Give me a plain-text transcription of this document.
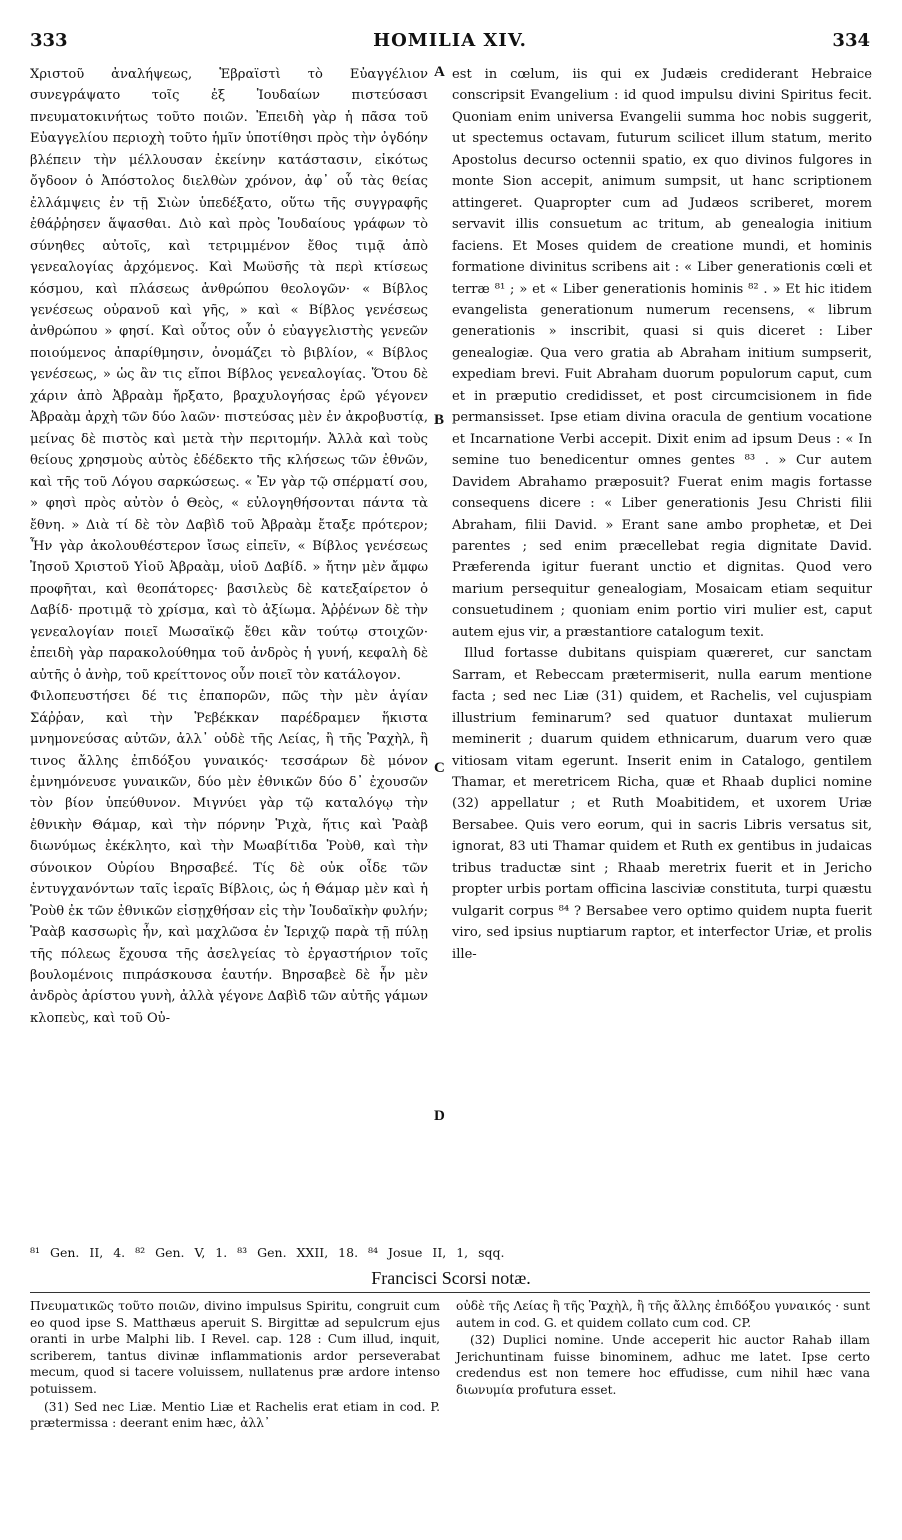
333	HOMILIA XIV.	334

Χριστοῦ ἀναλήψεως, Ἑβραϊστὶ τὸ Εὐαγγέλιον συνεγράψατο τοῖς ἐξ Ἰουδαίων πιστεύσασι πνευματοκινήτως τοῦτο ποιῶν. Ἐπειδὴ γὰρ ἡ πᾶσα τοῦ Εὐαγγελίου περιοχὴ τοῦτο ἡμῖν ὑποτίθησι πρὸς τὴν ὀγδόην βλέπειν τὴν μέλλουσαν ἐκείνην κατάστασιν, εἰκότως ὄγδοον ὁ Ἀπόστολος διελθὼν χρόνον, ἀφ᾽ οὗ τὰς θείας ἐλλάμψεις ἐν τῇ Σιὼν ὑπεδέξατο, οὕτω τῆς συγγραφῆς ἐθάῤῥησεν ἅψασθαι. Διὸ καὶ πρὸς Ἰουδαίους γράφων τὸ σύνηθες αὐτοῖς, καὶ τετριμμένον ἔθος τιμᾷ ἀπὸ γενεαλογίας ἀρχόμενος. Καὶ Μωϋσῆς τὰ περὶ κτίσεως κόσμου, καὶ πλάσεως ἀνθρώπου θεολογῶν· « Βίβλος γενέσεως οὐρανοῦ καὶ γῆς, » καὶ « Βίβλος γενέσεως ἀνθρώπου » φησί. Καὶ οὗτος οὖν ὁ εὐαγγελιστὴς γενεῶν ποιούμενος ἀπαρίθμησιν, ὀνομάζει τὸ βιβλίον, « Βίβλος γενέσεως, » ὡς ἂν τις εἴποι Βίβλος γενεαλογίας. Ὅτου δὲ χάριν ἀπὸ Ἀβραὰμ ἤρξατο, βραχυλογήσας ἐρῶ γέγονεν Ἀβραὰμ ἀρχὴ τῶν δύο λαῶν· πιστεύσας μὲν ἐν ἀκροβυστίᾳ, μείνας δὲ πιστὸς καὶ μετὰ τὴν περιτομήν. Ἀλλὰ καὶ τοὺς θείους χρησμοὺς αὐτὸς ἐδέδεκτο τῆς κλήσεως τῶν ἐθνῶν, καὶ τῆς τοῦ Λόγου σαρκώσεως. « Ἐν γὰρ τῷ σπέρματί σου, » φησὶ πρὸς αὐτὸν ὁ Θεὸς, « εὐλογηθήσονται πάντα τὰ ἔθνη. » Διὰ τί δὲ τὸν Δαβὶδ τοῦ Ἀβραὰμ ἔταξε πρότερον; Ἦν γὰρ ἀκολουθέστερον ἴσως εἰπεῖν, « Βίβλος γενέσεως Ἰησοῦ Χριστοῦ Υἱοῦ Ἀβραὰμ, υἱοῦ Δαβίδ. » ἤτην μὲν ἄμφω προφῆται, καὶ θεοπάτορες· βασιλεὺς δὲ κατεξαίρετον ὁ Δαβίδ· προτιμᾷ τὸ χρίσμα, καὶ τὸ ἀξίωμα. Ἀῤῥένων δὲ τὴν γενεαλογίαν ποιεῖ Μωσαϊκῷ ἔθει κἂν τούτῳ στοιχῶν· ἐπειδὴ γὰρ παρακολούθημα τοῦ ἀνδρὸς ἡ γυνή, κεφαλὴ δὲ αὐτῆς ὁ ἀνὴρ, τοῦ κρείττονος οὖν ποιεῖ τὸν κατάλογον.

Φιλοπευστήσει δέ τις ἐπαπορῶν, πῶς τὴν μὲν ἁγίαν Σάῤῥαν, καὶ τὴν Ῥεβέκκαν παρέδραμεν ἥκιστα μνημονεύσας αὐτῶν, ἀλλ᾽ οὐδὲ τῆς Λείας, ἢ τῆς Ῥαχὴλ, ἢ τινος ἄλλης ἐπιδόξου γυναικός· τεσσάρων δὲ μόνον ἐμνημόνευσε γυναικῶν, δύο μὲν ἐθνικῶν δύο δ᾽ ἐχουσῶν τὸν βίον ὑπεύθυνον. Μιγνύει γὰρ τῷ καταλόγῳ τὴν ἐθνικὴν Θάμαρ, καὶ τὴν πόρνην Ῥιχὰ, ἥτις καὶ Ῥαὰβ διωνύμως ἐκέκλητο, καὶ τὴν Μωαβίτιδα Ῥοὺθ, καὶ τὴν σύνοικον Οὐρίου Βηρσαβεέ. Τίς δὲ οὐκ οἶδε τῶν ἐντυγχανόντων ταῖς ἱεραῖς Βίβλοις, ὡς ἡ Θάμαρ μὲν καὶ ἡ Ῥοὺθ ἐκ τῶν ἐθνικῶν εἰσῃχθήσαν εἰς τὴν Ἰουδαϊκὴν φυλήν; Ῥαὰβ κασσωρὶς ἦν, καὶ μαχλῶσα ἐν Ἱεριχῷ παρὰ τῇ πύλῃ τῆς πόλεως ἔχουσα τῆς ἀσελγείας τὸ ἐργαστήριον τοῖς βουλομένοις πιπράσκουσα ἑαυτήν. Βηρσαβεὲ δὲ ἦν μὲν ἀνδρὸς ἀρίστου γυνὴ, ἀλλὰ γέγονε Δαβὶδ τῶν αὐτῆς γάμων κλοπεὺς, καὶ τοῦ Οὐ-

A
B
C
D

est in cœlum, iis qui ex Judæis crediderant Hebraice conscripsit Evangelium : id quod impulsu divini Spiritus fecit. Quoniam enim universa Evangelii summa hoc nobis suggerit, ut spectemus octavam, futurum scilicet illum statum, merito Apostolus decurso octennii spatio, ex quo divinos fulgores in monte Sion accepit, animum sumpsit, ut hanc scriptionem attingeret. Quapropter cum ad Judæos scriberet, morem servavit illis consuetum ac tritum, ab genealogia initium faciens. Et Moses quidem de creatione mundi, et hominis formatione divinitus scribens ait : « Liber generationis cœli et terræ ⁸¹ ; » et « Liber generationis hominis ⁸² . » Et hic itidem evangelista generationum numerum recensens, « librum generationis » inscribit, quasi si quis diceret : Liber genealogiæ. Qua vero gratia ab Abraham initium sumpserit, expediam brevi. Fuit Abraham duorum populorum caput, cum et in præputio credidisset, et post circumcisionem in fide permansisset. Ipse etiam divina oracula de gentium vocatione et Incarnatione Verbi accepit. Dixit enim ad ipsum Deus : « In semine tuo benedicentur omnes gentes ⁸³ . » Cur autem Davidem Abrahamo præposuit? Fuerat enim magis fortasse consequens dicere : « Liber generationis Jesu Christi filii Abraham, filii David. » Erant sane ambo prophetæ, et Dei parentes ; sed enim præcellebat regia dignitate David. Præferenda igitur fuerant unctio et dignitas. Quod vero marium persequitur genealogiam, Mosaicam etiam sequitur consuetudinem ; quoniam enim portio viri mulier est, caput autem ejus vir, a præstantiore catalogum texit.

Illud fortasse dubitans quispiam quæreret, cur sanctam Sarram, et Rebeccam prætermiserit, nulla earum mentione facta ; sed nec Liæ (31) quidem, et Rachelis, vel cujuspiam illustrium feminarum? sed quatuor duntaxat mulierum meminerit ; duarum quidem ethnicarum, duarum vero quæ vitiosam vitam egerunt. Inserit enim in Catalogo, gentilem Thamar, et meretricem Richa, quæ et Rhaab duplici nomine (32) appellatur ; et Ruth Moabitidem, et uxorem Uriæ Bersabee. Quis vero eorum, qui in sacris Libris versatus sit, ignorat, 83 uti Thamar quidem et Ruth ex gentibus in judaicas tribus traductæ sint ; Rhaab meretrix fuerit et in Jericho propter urbis portam officina lasciviæ constituta, turpi quæstu vulgarit corpus ⁸⁴ ? Bersabee vero optimo quidem nupta fuerit viro, sed ipsius nuptiarum raptor, et interfector Uriæ, et prolis ille-

⁸¹ Gen. II, 4. ⁸² Gen. V, 1. ⁸³ Gen. XXII, 18. ⁸⁴ Josue II, 1, sqq.
Francisci Scorsi notæ.

Πνευματικῶς τοῦτο ποιῶν, divino impulsus Spiritu, congruit cum eo quod ipse S. Matthæus aperuit S. Birgittæ ad sepulcrum ejus oranti in urbe Malphi lib. I Revel. cap. 128 : Cum illud, inquit, scriberem, tantus divinæ inflammationis ardor perseverabat mecum, quod si tacere voluissem, nullatenus præ ardore intenso potuissem.

(31) Sed nec Liæ. Mentio Liæ et Rachelis erat etiam in cod. P. prætermissa : deerant enim hæc, ἀλλ᾽

οὐδὲ τῆς Λείας ἢ τῆς Ῥαχὴλ, ἢ τῆς ἄλλης ἐπιδόξου γυναικός · sunt autem in cod. G. et quidem collato cum cod. CP.

(32) Duplici nomine. Unde acceperit hic auctor Rahab illam Jerichuntinam fuisse binominem, adhuc me latet. Ipse certo credendus est non temere hoc effudisse, cum nihil hæc vana διωνυμία profutura esset.
